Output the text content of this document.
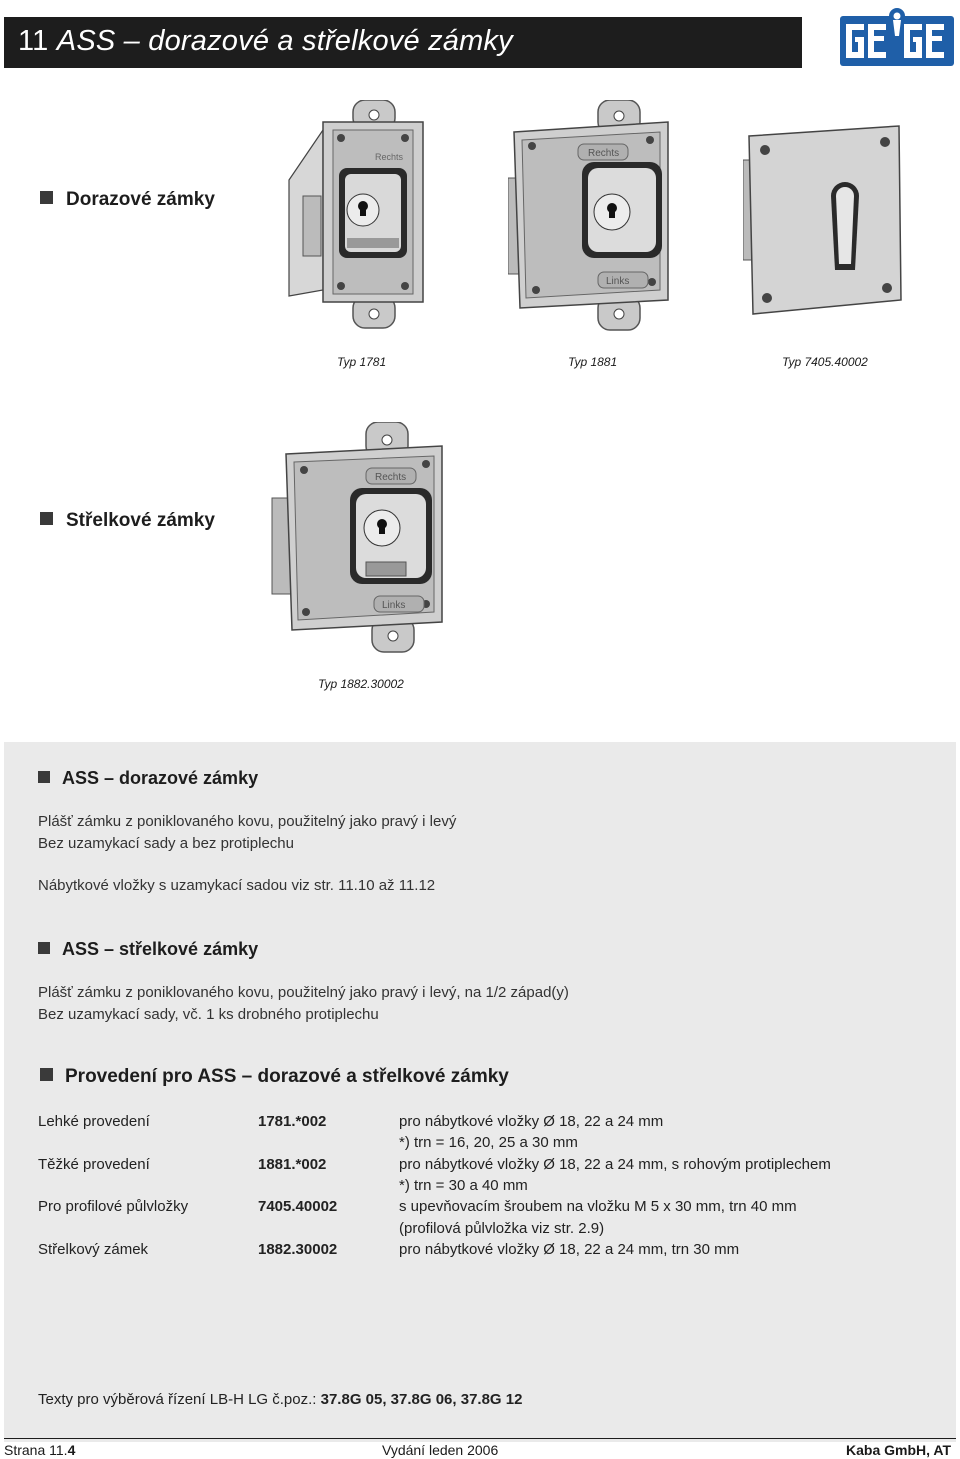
11 ASS – dorazové a střelkové zámky
Dorazové zámky
Rechts
Typ 1781
Rechts
Links
Typ 1881	Typ 7405.40002
Střelkové zámky
Rechts
Links
Typ 1882.30002
ASS – dorazové zámky
Plášť zámku z poniklovaného kovu, použitelný jako pravý i levý
Bez uzamykací sady a bez protiplechu
Nábytkové vložky s uzamykací sadou viz str. 11.10 až 11.12
ASS – střelkové zámky
Plášť zámku z poniklovaného kovu, použitelný jako pravý i levý, na 1/2 západ(y)
Bez uzamykací sady, vč. 1 ks drobného protiplechu
Provedení pro ASS – dorazové a střelkové zámky
Lehké provedení	1781.*002	pro nábytkové vložky Ø 18, 22 a 24 mm
*) trn = 16, 20, 25 a 30 mm
Těžké provedení	1881.*002	pro nábytkové vložky Ø 18, 22 a 24 mm, s rohovým protiplechem
*) trn = 30 a 40 mm
Pro profilové půlvložky	7405.40002	s upevňovacím šroubem na vložku M 5 x 30 mm, trn 40 mm
(profilová půlvložka viz str. 2.9)
Střelkový zámek	1882.30002	pro nábytkové vložky Ø 18, 22 a 24 mm, trn 30 mm
Texty pro výběrová řízení LB-H LG č.poz.: 37.8G 05, 37.8G 06, 37.8G 12
Strana 11.4	Vydání leden 2006	Kaba GmbH, AT
